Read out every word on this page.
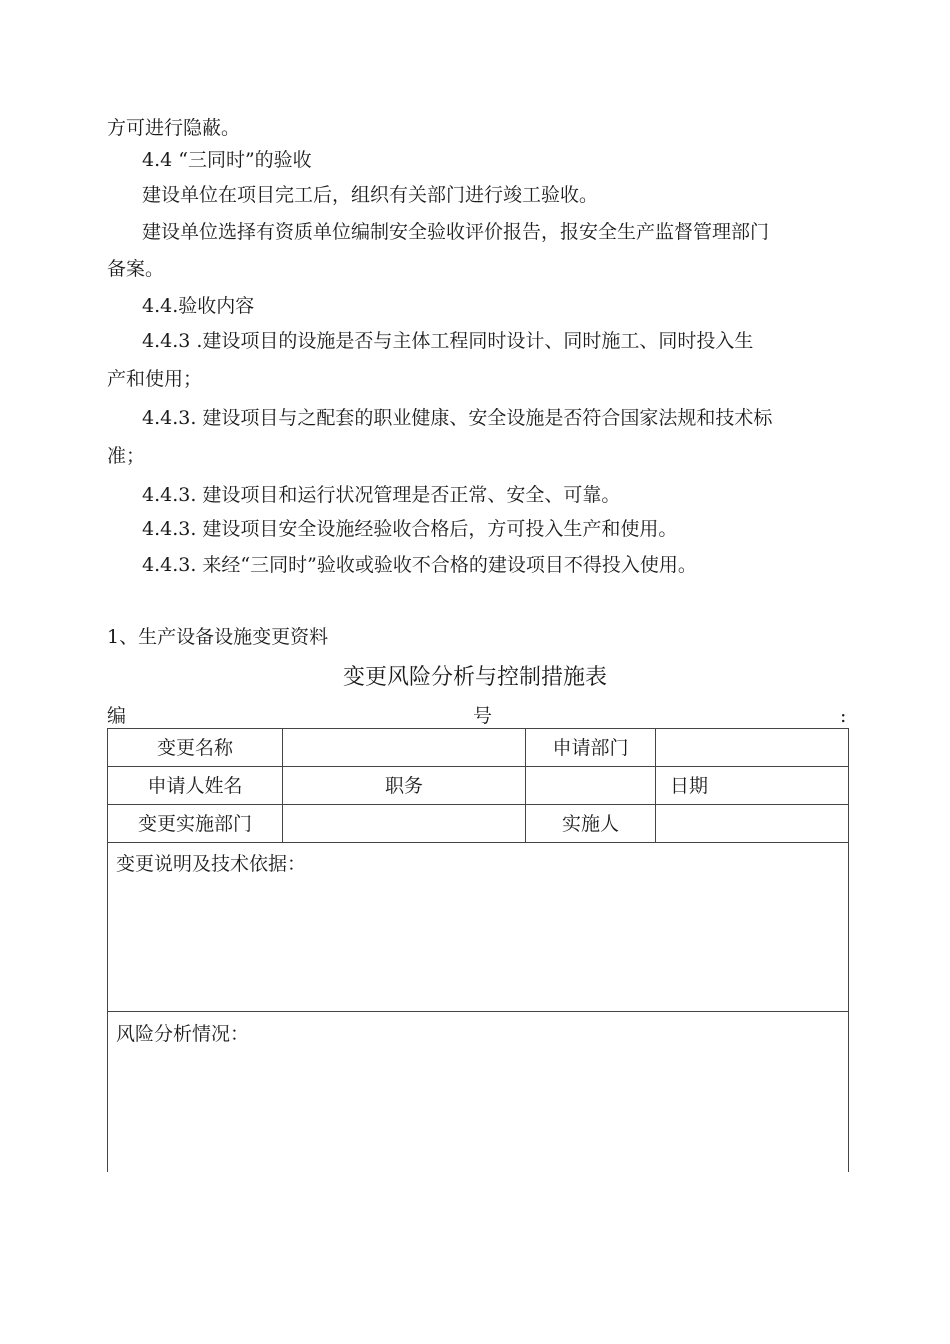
方可进行隐蔽。
4.4 “三同时”的验收
建设单位在项目完工后，组织有关部门进行竣工验收。
建设单位选择有资质单位编制安全验收评价报告，报安全生产监督管理部门
备案。
4.4.验收内容
4.4.3 .建设项目的设施是否与主体工程同时设计、同时施工、同时投入生
产和使用；
4.4.3. 建设项目与之配套的职业健康、安全设施是否符合国家法规和技术标
准；
4.4.3. 建设项目和运行状况管理是否正常、安全、可靠。
4.4.3. 建设项目安全设施经验收合格后，方可投入生产和使用。
4.4.3. 来经“三同时”验收或验收不合格的建设项目不得投入使用。
1、生产设备设施变更资料
变更风险分析与控制措施表
编	号	:
变更名称		申请部门	
申请人姓名	职务		日期
变更实施部门		实施人	
变更说明及技术依据：			
风险分析情况：			
